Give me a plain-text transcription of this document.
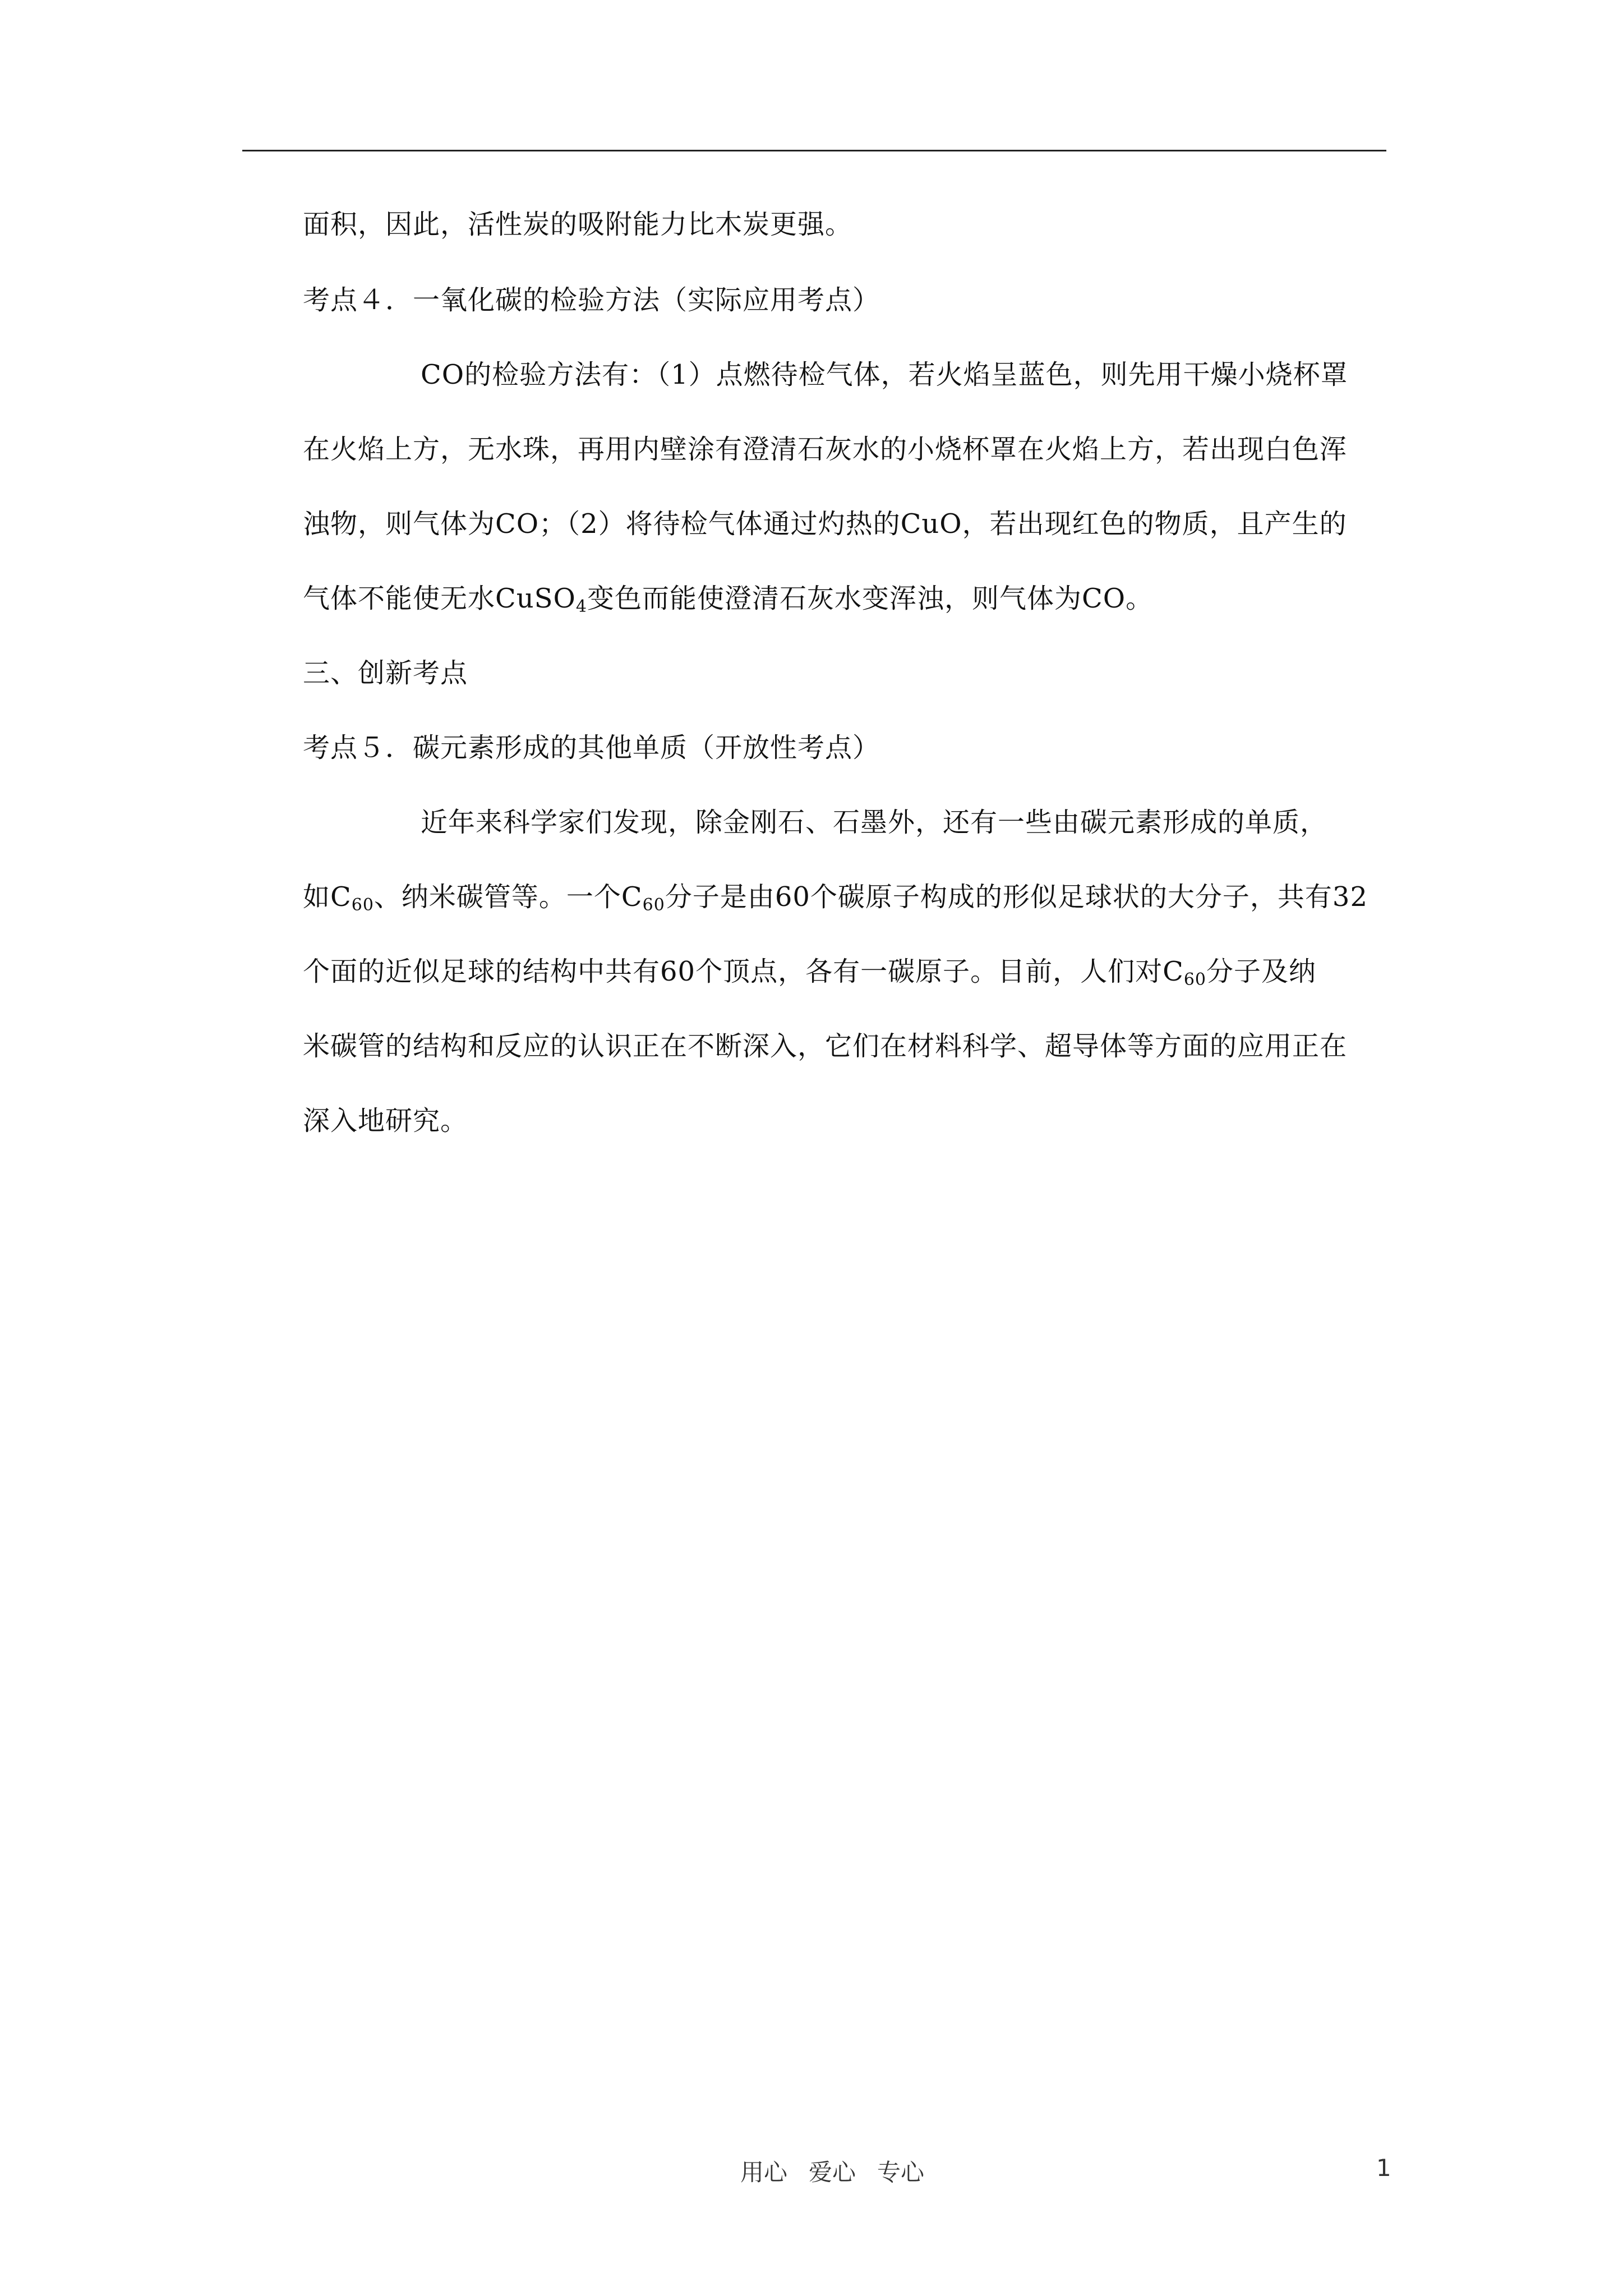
面积，因此，活性炭的吸附能力比木炭更强。
考点４．一氧化碳的检验方法（实际应用考点）
CO的检验方法有：（1）点燃待检气体，若火焰呈蓝色，则先用干燥小烧杯罩
在火焰上方，无水珠，再用内壁涂有澄清石灰水的小烧杯罩在火焰上方，若出现白色浑
浊物，则气体为CO；（2）将待检气体通过灼热的CuO，若出现红色的物质，且产生的
气体不能使无水CuSO$_4$变色而能使澄清石灰水变浑浊，则气体为CO。
三、创新考点
考点５．碳元素形成的其他单质（开放性考点）
近年来科学家们发现，除金刚石、石墨外，还有一些由碳元素形成的单质，
如$C_{60}$、纳米碳管等。一个$C_{60}$分子是由60个碳原子构成的形似足球状的大分子，共有32
个面的近似足球的结构中共有60个顶点，各有一碳原子。目前，人们对$C_{60}$分子及纳
米碳管的结构和反应的认识正在不断深入，它们在材料科学、超导体等方面的应用正在
深入地研究。
用心 爱心 专心	1
